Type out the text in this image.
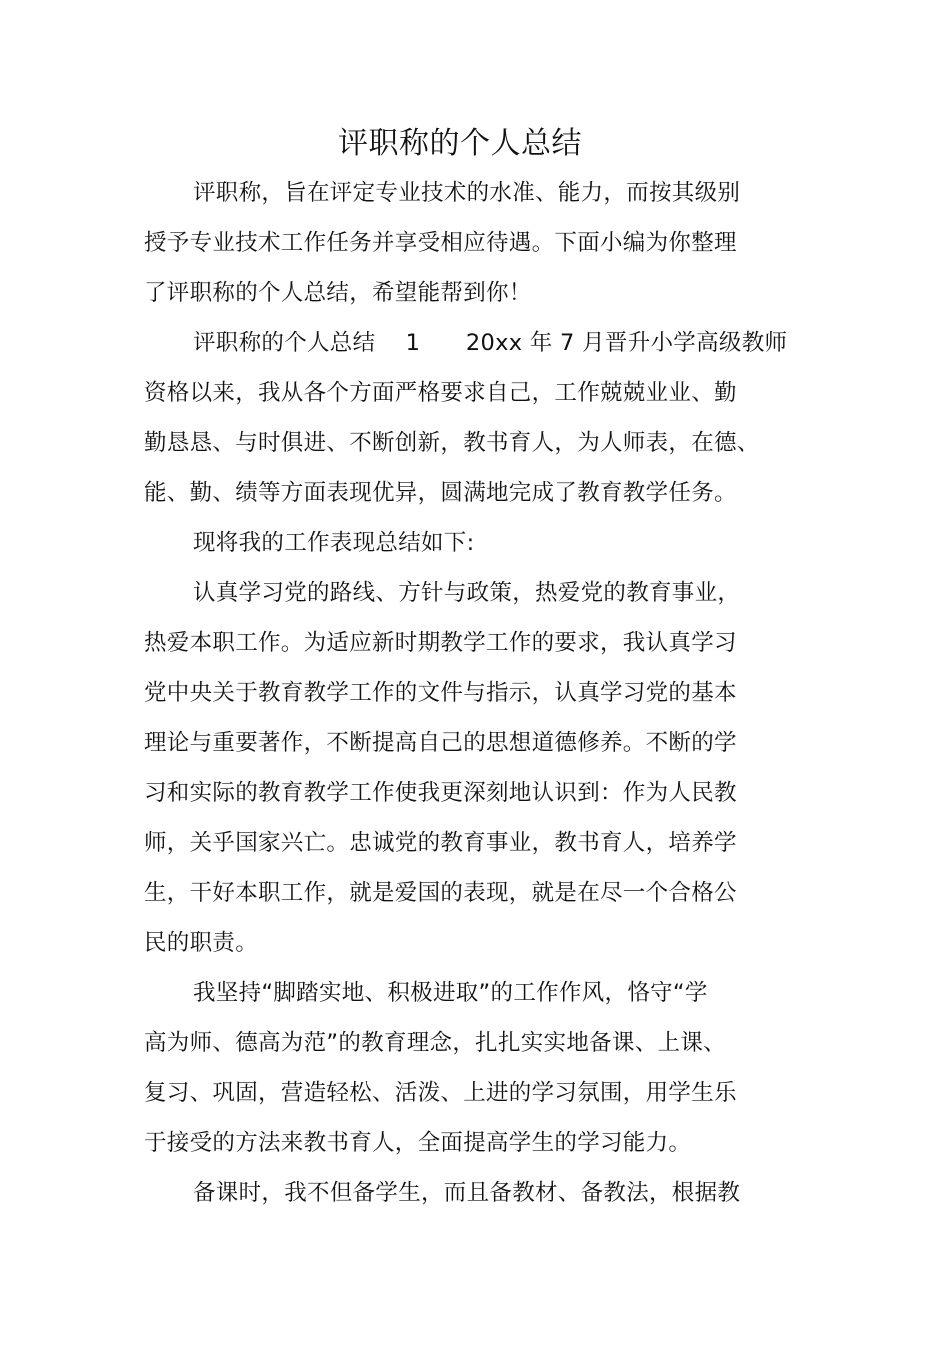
评职称的个人总结
评职称，旨在评定专业技术的水准、能力，而按其级别
授予专业技术工作任务并享受相应待遇。下面小编为你整理
了评职称的个人总结，希望能帮到你！
评职称的个人总结　 1　　20xx 年 7 月晋升小学高级教师
资格以来，我从各个方面严格要求自己，工作兢兢业业、勤
勤恳恳、与时俱进、不断创新，教书育人，为人师表，在德、
能、勤、绩等方面表现优异，圆满地完成了教育教学任务。
现将我的工作表现总结如下:
认真学习党的路线、方针与政策，热爱党的教育事业，
热爱本职工作。为适应新时期教学工作的要求，我认真学习
党中央关于教育教学工作的文件与指示，认真学习党的基本
理论与重要著作，不断提高自己的思想道德修养。不断的学
习和实际的教育教学工作使我更深刻地认识到：作为人民教
师，关乎国家兴亡。忠诚党的教育事业，教书育人，培养学
生，干好本职工作，就是爱国的表现，就是在尽一个合格公
民的职责。
我坚持“脚踏实地、积极进取”的工作作风，恪守“学
高为师、德高为范”的教育理念，扎扎实实地备课、上课、
复习、巩固，营造轻松、活泼、上进的学习氛围，用学生乐
于接受的方法来教书育人，全面提高学生的学习能力。
备课时，我不但备学生，而且备教材、备教法，根据教
